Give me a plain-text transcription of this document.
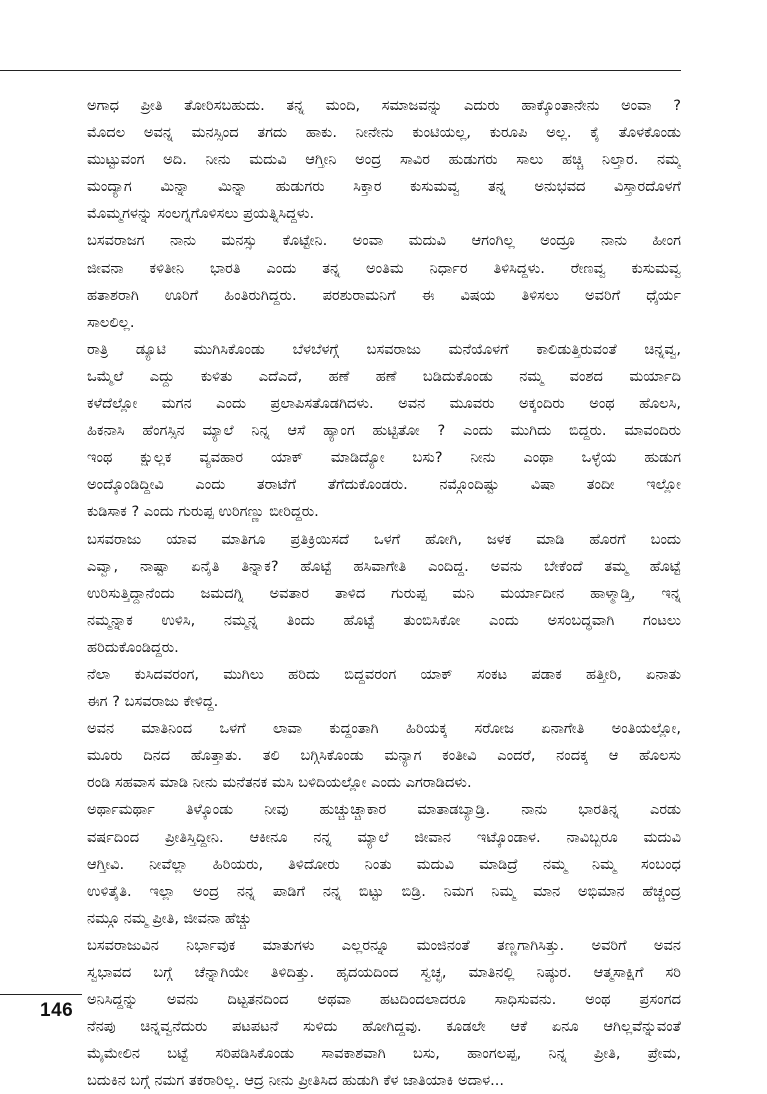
ಅಗಾಧ ಪ್ರೀತಿ ತೋರಿಸಬಹುದು. ತನ್ನ ಮಂದಿ, ಸಮಾಜವನ್ನು ಎದುರು ಹಾಕ್ಕೊಂತಾನೇನು ಅಂವಾ ?
ಮೊದಲ ಅವನ್ನ ಮನಸ್ಸಿಂದ ತಗದು ಹಾಕು. ನೀನೇನು ಕುಂಟಿಯಲ್ಲ, ಕುರೂಪಿ ಅಲ್ಲ. ಕೈ ತೊಳಕೊಂಡು
ಮುಟ್ಟುವಂಗ ಅದಿ. ನೀನು ಮದುವಿ ಆಗ್ತೀನಿ ಅಂದ್ರ ಸಾವಿರ ಹುಡುಗರು ಸಾಲು ಹಚ್ಚಿ ನಿಲ್ತಾರ. ನಮ್ಮ
ಮಂದ್ಯಾಗ ಮಿನ್ನಾ ಮಿನ್ನಾ ಹುಡುಗರು ಸಿಕ್ತಾರ ಕುಸುಮವ್ವ ತನ್ನ ಅನುಭವದ ವಿಸ್ತಾರದೊಳಗೆ
ಮೊಮ್ಮಗಳನ್ನು ಸಂಲಗ್ನಗೊಳಿಸಲು ಪ್ರಯತ್ನಿಸಿದ್ದಳು.
ಬಸವರಾಜಗ ನಾನು ಮನಸ್ಸು ಕೊಟ್ಟೇನಿ. ಅಂವಾ ಮದುವಿ ಆಗಂಗಿಲ್ಲ ಅಂದ್ರೂ ನಾನು ಹೀಂಗ
ಜೀವನಾ ಕಳಿತೀನಿ ಭಾರತಿ ಎಂದು ತನ್ನ ಅಂತಿಮ ನಿರ್ಧಾರ ತಿಳಿಸಿದ್ದಳು. ರೇಣವ್ವ ಕುಸುಮವ್ವ
ಹತಾಶರಾಗಿ ಊರಿಗೆ ಹಿಂತಿರುಗಿದ್ದರು. ಪರಶುರಾಮನಿಗೆ ಈ ವಿಷಯ ತಿಳಿಸಲು ಅವರಿಗೆ ಧೈರ್ಯ
ಸಾಲಲಿಲ್ಲ.
ರಾತ್ರಿ ಡ್ಯೂಟಿ ಮುಗಿಸಿಕೊಂಡು ಬೆಳಬೆಳಗ್ಗೆ ಬಸವರಾಜು ಮನೆಯೊಳಗೆ ಕಾಲಿಡುತ್ತಿರುವಂತೆ ಚಿನ್ನವ್ವ,
ಒಮ್ಮೆಲೆ ಎದ್ದು ಕುಳಿತು ಎದೆಎದೆ, ಹಣೆ ಹಣೆ ಬಡಿದುಕೊಂಡು ನಮ್ಮ ವಂಶದ ಮರ್ಯಾದಿ
ಕಳೆದೆಲ್ಲೋ ಮಗನ ಎಂದು ಪ್ರಲಾಪಿಸತೊಡಗಿದಳು. ಅವನ ಮೂವರು ಅಕ್ಕಂದಿರು ಅಂಥ ಹೊಲಸಿ,
ಹಿಕನಾಸಿ ಹೆಂಗಸ್ಸಿನ ಮ್ಯಾಲೆ ನಿನ್ನ ಆಸೆ ಹ್ಯಾಂಗ ಹುಟ್ಟಿತೋ ? ಎಂದು ಮುಗಿದು ಬಿದ್ದರು. ಮಾವಂದಿರು
ಇಂಥ ಕ್ಷುಲ್ಲಕ ವ್ಯವಹಾರ ಯಾಕ್ ಮಾಡಿದ್ಯೋ ಬಸು? ನೀನು ಎಂಥಾ ಒಳ್ಳೆಯ ಹುಡುಗ
ಅಂದ್ಕೊಂಡಿದ್ದೀವಿ ಎಂದು ತರಾಟೆಗೆ ತೆಗೆದುಕೊಂಡರು. ನಮ್ಗೊಂದಿಷ್ಟು ವಿಷಾ ತಂದೀ ಇಲ್ಲೋ
ಕುಡಿಸಾಕ ? ಎಂದು ಗುರುಪ್ಪ ಉರಿಗಣ್ಣು ಬೀರಿದ್ದರು.
ಬಸವರಾಜು ಯಾವ ಮಾತಿಗೂ ಪ್ರತಿಕ್ರಿಯಿಸದೆ ಒಳಗೆ ಹೋಗಿ, ಜಳಕ ಮಾಡಿ ಹೊರಗೆ ಬಂದು
ಎವ್ವಾ, ನಾಷ್ಟಾ ಏನೈತಿ ತಿನ್ನಾಕ? ಹೊಟ್ಟೆ ಹಸಿವಾಗೇತಿ ಎಂದಿದ್ದ. ಅವನು ಬೇಕೆಂದೆ ತಮ್ಮ ಹೊಟ್ಟೆ
ಉರಿಸುತ್ತಿದ್ದಾನೆಂದು ಜಮದಗ್ನಿ ಅವತಾರ ತಾಳಿದ ಗುರುಪ್ಪ ಮನಿ ಮರ್ಯಾದೀನ ಹಾಳ್ಮಾಡ್ತಿ, ಇನ್ನ
ನಮ್ಮನ್ನಾಕ ಉಳಿಸಿ, ನಮ್ಮನ್ನ ತಿಂದು ಹೊಟ್ಟೆ ತುಂಬಿಸಿಕೋ ಎಂದು ಅಸಂಬದ್ಧವಾಗಿ ಗಂಟಲು
ಹರಿದುಕೊಂಡಿದ್ದರು.
ನೆಲಾ ಕುಸಿದವರಂಗ, ಮುಗಿಲು ಹರಿದು ಬಿದ್ದವರಂಗ ಯಾಕ್ ಸಂಕಟ ಪಡಾಕ ಹತ್ತೀರಿ, ಏನಾತು
ಈಗ ? ಬಸವರಾಜು ಕೇಳಿದ್ದ.
ಅವನ ಮಾತಿನಿಂದ ಒಳಗೆ ಲಾವಾ ಕುದ್ದಂತಾಗಿ ಹಿರಿಯಕ್ಕ ಸರೋಜ ಏನಾಗೇತಿ ಅಂತಿಯಲ್ಲೋ,
ಮೂರು ದಿನದ ಹೊತ್ತಾತು. ತಲಿ ಬಗ್ಗಿಸಿಕೊಂಡು ಮನ್ಯಾಗ ಕಂತೀವಿ ಎಂದರೆ, ನಂದಕ್ಕ ಆ ಹೊಲಸು
ರಂಡಿ ಸಹವಾಸ ಮಾಡಿ ನೀನು ಮನೆತನಕ ಮಸಿ ಬಳಿದಿಯಲ್ಲೋ ಎಂದು ಎಗರಾಡಿದಳು.
ಅರ್ಥಾಮರ್ಥಾ ತಿಳ್ಕೊಂಡು ನೀವು ಹುಚ್ಚುಚ್ಚಾಕಾರ ಮಾತಾಡಬ್ಯಾಡ್ರಿ. ನಾನು ಭಾರತಿನ್ನ ಎರಡು
ವರ್ಷದಿಂದ ಪ್ರೀತಿಸ್ತಿದ್ದೀನಿ. ಆಕೀನೂ ನನ್ನ ಮ್ಯಾಲೆ ಜೀವಾನ ಇಟ್ಕೊಂಡಾಳ. ನಾವಿಬ್ಬರೂ ಮದುವಿ
ಆಗ್ತೀವಿ. ನೀವೆಲ್ಲಾ ಹಿರಿಯರು, ತಿಳಿದೋರು ನಿಂತು ಮದುವಿ ಮಾಡಿದ್ರೆ ನಮ್ಮ ನಿಮ್ಮ ಸಂಬಂಧ
ಉಳಿತೈತಿ. ಇಲ್ಲಾ ಅಂದ್ರ ನನ್ನ ಪಾಡಿಗೆ ನನ್ನ ಬಿಟ್ಟು ಬಿಡ್ರಿ. ನಿಮಗ ನಿಮ್ಮ ಮಾನ ಅಭಿಮಾನ ಹೆಚ್ಚಂದ್ರ
ನಮ್ಗೂ ನಮ್ಮ ಪ್ರೀತಿ, ಜೀವನಾ ಹೆಚ್ಚು
ಬಸವರಾಜುವಿನ ನಿರ್ಭಾವುಕ ಮಾತುಗಳು ಎಲ್ಲರನ್ನೂ ಮಂಜಿನಂತೆ ತಣ್ಣಗಾಗಿಸಿತ್ತು. ಅವರಿಗೆ ಅವನ
ಸ್ವಭಾವದ ಬಗ್ಗೆ ಚೆನ್ನಾಗಿಯೇ ತಿಳಿದಿತ್ತು. ಹೃದಯದಿಂದ ಸ್ವಚ್ಛ, ಮಾತಿನಲ್ಲಿ ನಿಷ್ಠುರ. ಆತ್ಮಸಾಕ್ಷಿಗೆ ಸರಿ
ಅನಿಸಿದ್ದನ್ನು ಅವನು ದಿಟ್ಟತನದಿಂದ ಅಥವಾ ಹಟದಿಂದಲಾದರೂ ಸಾಧಿಸುವನು. ಅಂಥ ಪ್ರಸಂಗದ
ನೆನಪು ಚಿನ್ನವ್ವನೆದುರು ಪಟಪಟನೆ ಸುಳಿದು ಹೋಗಿದ್ದವು. ಕೂಡಲೇ ಆಕೆ ಏನೂ ಆಗಿಲ್ಲವೆನ್ನುವಂತೆ
ಮೈಮೇಲಿನ ಬಟ್ಟೆ ಸರಿಪಡಿಸಿಕೊಂಡು ಸಾವಕಾಶವಾಗಿ ಬಸು, ಹಾಂಗಲಪ್ಪ, ನಿನ್ನ ಪ್ರೀತಿ, ಪ್ರೇಮ,
ಬದುಕಿನ ಬಗ್ಗೆ ನಮಗ ತಕರಾರಿಲ್ಲ. ಆದ್ರ ನೀನು ಪ್ರೀತಿಸಿದ ಹುಡುಗಿ ಕೆಳ ಜಾತಿಯಾಕಿ ಅದಾಳ...
146
